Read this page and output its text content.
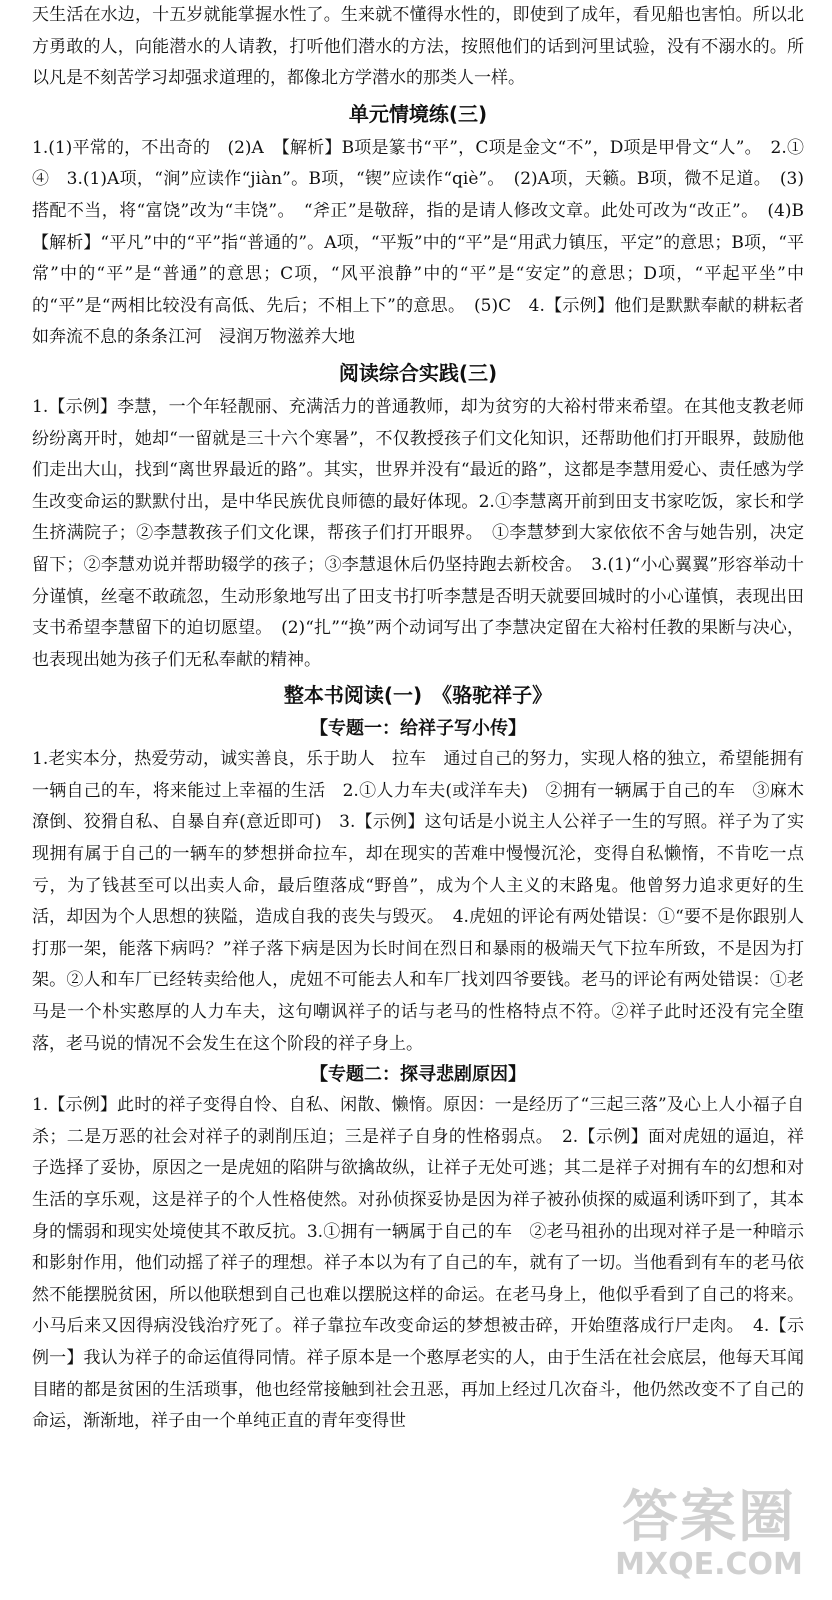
天生活在水边，十五岁就能掌握水性了。生来就不懂得水性的，即使到了成年，看见船也害怕。所以北方勇敢的人，向能潜水的人请教，打听他们潜水的方法，按照他们的话到河里试验，没有不溺水的。所以凡是不刻苦学习却强求道理的，都像北方学潜水的那类人一样。

单元情境练(三)

1.(1)平常的，不出奇的　(2)A　【解析】B项是篆书“平”，C项是金文“不”，D项是甲骨文“人”。　2.①　④　3.(1)A项，“涧”应读作“jiàn”。B项，“锲”应读作“qiè”。　(2)A项，天籁。B项，微不足道。　(3)搭配不当，将“富饶”改为“丰饶”。　“斧正”是敬辞，指的是请人修改文章。此处可改为“改正”。　(4)B　【解析】“平凡”中的“平”指“普通的”。A项，“平叛”中的“平”是“用武力镇压，平定”的意思；B项，“平常”中的“平”是“普通”的意思；C项，“风平浪静”中的“平”是“安定”的意思；D项，“平起平坐”中的“平”是“两相比较没有高低、先后；不相上下”的意思。　(5)C　4.【示例】他们是默默奉献的耕耘者　如奔流不息的条条江河　浸润万物滋养大地

阅读综合实践(三)

1.【示例】李慧，一个年轻靓丽、充满活力的普通教师，却为贫穷的大裕村带来希望。在其他支教老师纷纷离开时，她却“一留就是三十六个寒暑”，不仅教授孩子们文化知识，还帮助他们打开眼界，鼓励他们走出大山，找到“离世界最近的路”。其实，世界并没有“最近的路”，这都是李慧用爱心、责任感为学生改变命运的默默付出，是中华民族优良师德的最好体现。2.①李慧离开前到田支书家吃饭，家长和学生挤满院子；②李慧教孩子们文化课，帮孩子们打开眼界。　①李慧梦到大家依依不舍与她告别，决定留下；②李慧劝说并帮助辍学的孩子；③李慧退休后仍坚持跑去新校舍。　3.(1)“小心翼翼”形容举动十分谨慎，丝毫不敢疏忽，生动形象地写出了田支书打听李慧是否明天就要回城时的小心谨慎，表现出田支书希望李慧留下的迫切愿望。　(2)“扎”“换”两个动词写出了李慧决定留在大裕村任教的果断与决心，也表现出她为孩子们无私奉献的精神。

整本书阅读(一)　《骆驼祥子》
【专题一：给祥子写小传】

1.老实本分，热爱劳动，诚实善良，乐于助人　拉车　通过自己的努力，实现人格的独立，希望能拥有一辆自己的车，将来能过上幸福的生活　2.①人力车夫(或洋车夫)　②拥有一辆属于自己的车　③麻木潦倒、狡猾自私、自暴自弃(意近即可)　3.【示例】这句话是小说主人公祥子一生的写照。祥子为了实现拥有属于自己的一辆车的梦想拼命拉车，却在现实的苦难中慢慢沉沦，变得自私懒惰，不肯吃一点亏，为了钱甚至可以出卖人命，最后堕落成“野兽”，成为个人主义的末路鬼。他曾努力追求更好的生活，却因为个人思想的狭隘，造成自我的丧失与毁灭。　4.虎妞的评论有两处错误：①“要不是你跟别人打那一架，能落下病吗？”祥子落下病是因为长时间在烈日和暴雨的极端天气下拉车所致，不是因为打架。②人和车厂已经转卖给他人，虎妞不可能去人和车厂找刘四爷要钱。老马的评论有两处错误：①老马是一个朴实憨厚的人力车夫，这句嘲讽祥子的话与老马的性格特点不符。②祥子此时还没有完全堕落，老马说的情况不会发生在这个阶段的祥子身上。

【专题二：探寻悲剧原因】

1.【示例】此时的祥子变得自怜、自私、闲散、懒惰。原因：一是经历了“三起三落”及心上人小福子自杀；二是万恶的社会对祥子的剥削压迫；三是祥子自身的性格弱点。　2.【示例】面对虎妞的逼迫，祥子选择了妥协，原因之一是虎妞的陷阱与欲擒故纵，让祥子无处可逃；其二是祥子对拥有车的幻想和对生活的享乐观，这是祥子的个人性格使然。对孙侦探妥协是因为祥子被孙侦探的威逼利诱吓到了，其本身的懦弱和现实处境使其不敢反抗。3.①拥有一辆属于自己的车　②老马祖孙的出现对祥子是一种暗示和影射作用，他们动摇了祥子的理想。祥子本以为有了自己的车，就有了一切。当他看到有车的老马依然不能摆脱贫困，所以他联想到自己也难以摆脱这样的命运。在老马身上，他似乎看到了自己的将来。小马后来又因得病没钱治疗死了。祥子靠拉车改变命运的梦想被击碎，开始堕落成行尸走肉。　4.【示例一】我认为祥子的命运值得同情。祥子原本是一个憨厚老实的人，由于生活在社会底层，他每天耳闻目睹的都是贫困的生活琐事，他也经常接触到社会丑恶，再加上经过几次奋斗，他仍然改变不了自己的命运，渐渐地，祥子由一个单纯正直的青年变得世

答案圈
MXQE.COM
